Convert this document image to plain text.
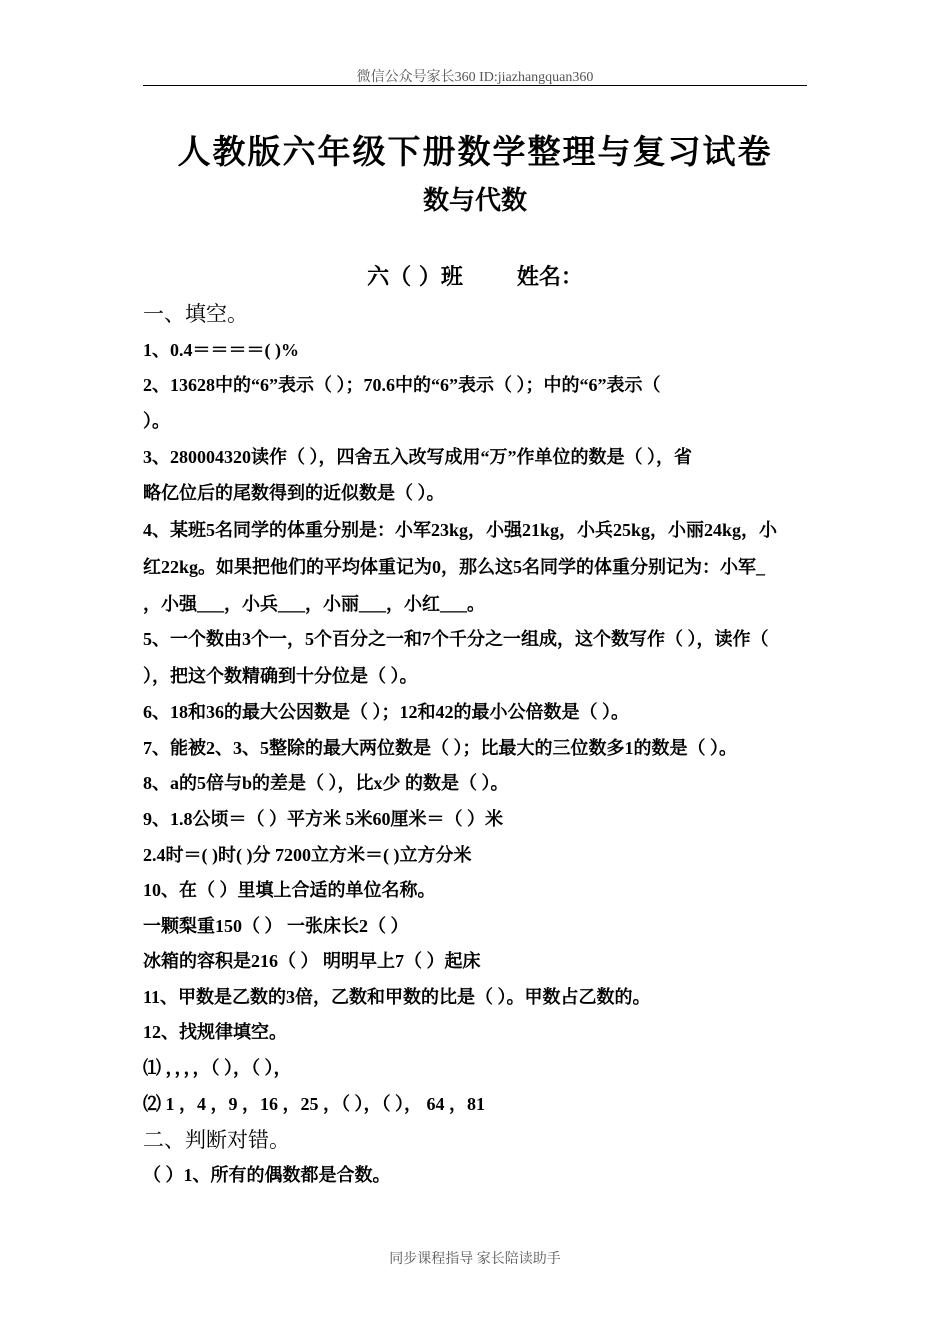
微信公众号家长360 ID:jiazhangquan360
人教版六年级下册数学整理与复习试卷
数与代数
六（ ）班 姓名：
一、填空。
1、0.4＝＝＝＝( )%
2、13628中的“6”表示（ ）；70.6中的“6”表示（ ）；中的“6”表示（
）。
3、280004320读作（ ），四舍五入改写成用“万”作单位的数是（ ），省
略亿位后的尾数得到的近似数是（ ）。
4、某班5名同学的体重分别是：小军23kg，小强21kg，小兵25kg，小丽24kg，小
红22kg。如果把他们的平均体重记为0，那么这5名同学的体重分别记为：小军_
，小强___，小兵___，小丽___，小红___。
5、一个数由3个一，5个百分之一和7个千分之一组成，这个数写作（ ），读作（
），把这个数精确到十分位是（ ）。
6、18和36的最大公因数是（ ）；12和42的最小公倍数是（ ）。
7、能被2、3、5整除的最大两位数是（ ）；比最大的三位数多1的数是（ ）。
8、a的5倍与b的差是（ ），比x少 的数是（ ）。
9、1.8公顷＝（ ）平方米 5米60厘米＝（ ）米
2.4时＝( )时( )分 7200立方米＝( )立方分米
10、在（ ）里填上合适的单位名称。
一颗梨重150（ ） 一张床长2（ ）
冰箱的容积是216（ ） 明明早上7（ ）起床
11、甲数是乙数的3倍，乙数和甲数的比是（ ）。甲数占乙数的。
12、找规律填空。
⑴ ，，，，（ ），（ ），
⑵ 1 ，4 ，9 ，16 ，25 ，（ ），（ ）， 64 ，81
二、判断对错。
（ ）1、所有的偶数都是合数。
同步课程指导 家长陪读助手
